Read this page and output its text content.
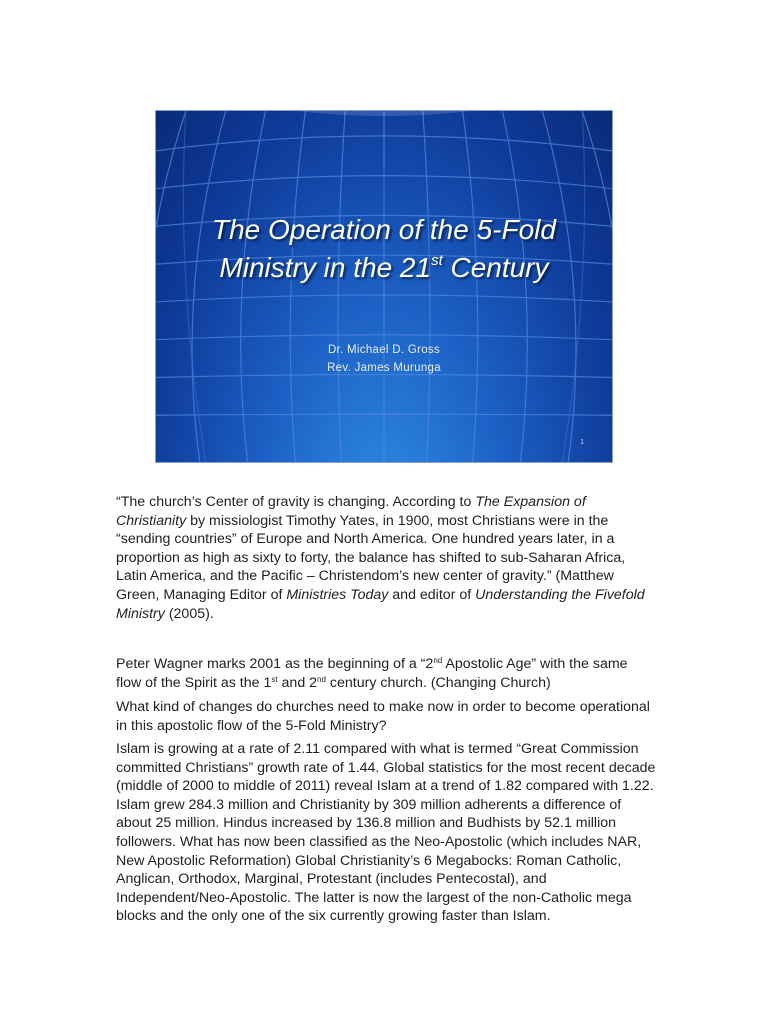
The Operation of the 5-Fold
Ministry in the 21st Century
Dr. Michael D. Gross
Rev. James Murunga
1
“The church’s Center of gravity is changing. According to The Expansion of Christianity by missiologist Timothy Yates, in 1900, most Christians were in the “sending countries” of Europe and North America. One hundred years later, in a proportion as high as sixty to forty, the balance has shifted to sub-Saharan Africa, Latin America, and the Pacific – Christendom’s new center of gravity.” (Matthew Green, Managing Editor of Ministries Today and editor of Understanding the Fivefold Ministry (2005).
Peter Wagner marks 2001 as the beginning of a “2nd Apostolic Age” with the same flow of the Spirit as the 1st and 2nd century church. (Changing Church)
What kind of changes do churches need to make now in order to become operational in this apostolic flow of the 5-Fold Ministry?
Islam is growing at a rate of 2.11 compared with what is termed “Great Commission committed Christians” growth rate of 1.44. Global statistics for the most recent decade (middle of 2000 to middle of 2011) reveal Islam at a trend of 1.82 compared with 1.22. Islam grew 284.3 million and Christianity by 309 million adherents a difference of about 25 million. Hindus increased by 136.8 million and Budhists by 52.1 million followers. What has now been classified as the Neo-Apostolic (which includes NAR, New Apostolic Reformation) Global Christianity’s 6 Megabocks: Roman Catholic, Anglican, Orthodox, Marginal, Protestant (includes Pentecostal), and Independent/Neo-Apostolic. The latter is now the largest of the non-Catholic mega blocks and the only one of the six currently growing faster than Islam.
